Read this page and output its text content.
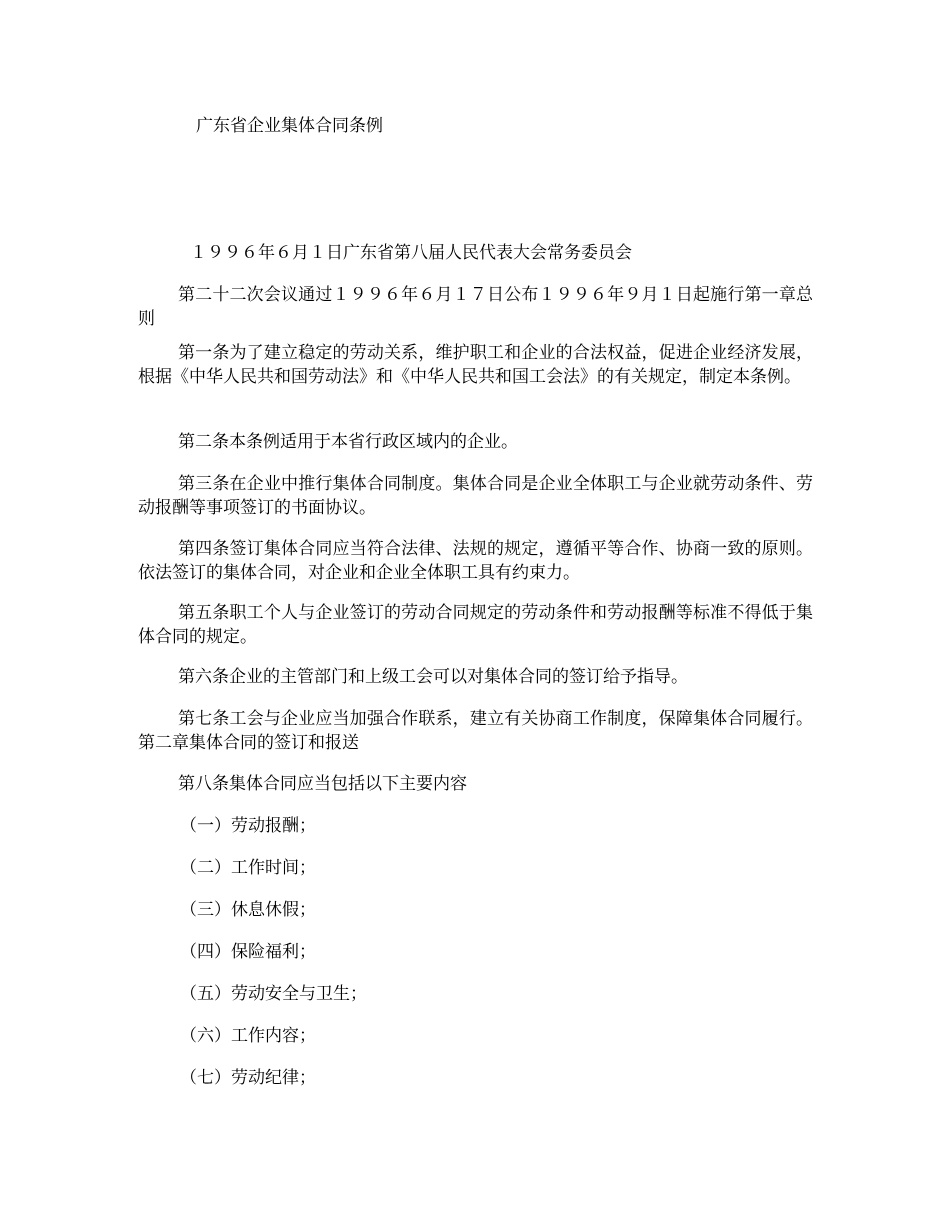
广东省企业集体合同条例
１９９６年６月１日广东省第八届人民代表大会常务委员会

第二十二次会议通过１９９６年６月１７日公布１９９６年９月１日起施行第一章总则

第一条为了建立稳定的劳动关系，维护职工和企业的合法权益，促进企业经济发展，根据《中华人民共和国劳动法》和《中华人民共和国工会法》的有关规定，制定本条例。

第二条本条例适用于本省行政区域内的企业。

第三条在企业中推行集体合同制度。集体合同是企业全体职工与企业就劳动条件、劳动报酬等事项签订的书面协议。

第四条签订集体合同应当符合法律、法规的规定，遵循平等合作、协商一致的原则。依法签订的集体合同，对企业和企业全体职工具有约束力。

第五条职工个人与企业签订的劳动合同规定的劳动条件和劳动报酬等标准不得低于集体合同的规定。

第六条企业的主管部门和上级工会可以对集体合同的签订给予指导。

第七条工会与企业应当加强合作联系，建立有关协商工作制度，保障集体合同履行。第二章集体合同的签订和报送

第八条集体合同应当包括以下主要内容

（一）劳动报酬；
（二）工作时间；
（三）休息休假；
（四）保险福利；
（五）劳动安全与卫生；
（六）工作内容；
（七）劳动纪律；
